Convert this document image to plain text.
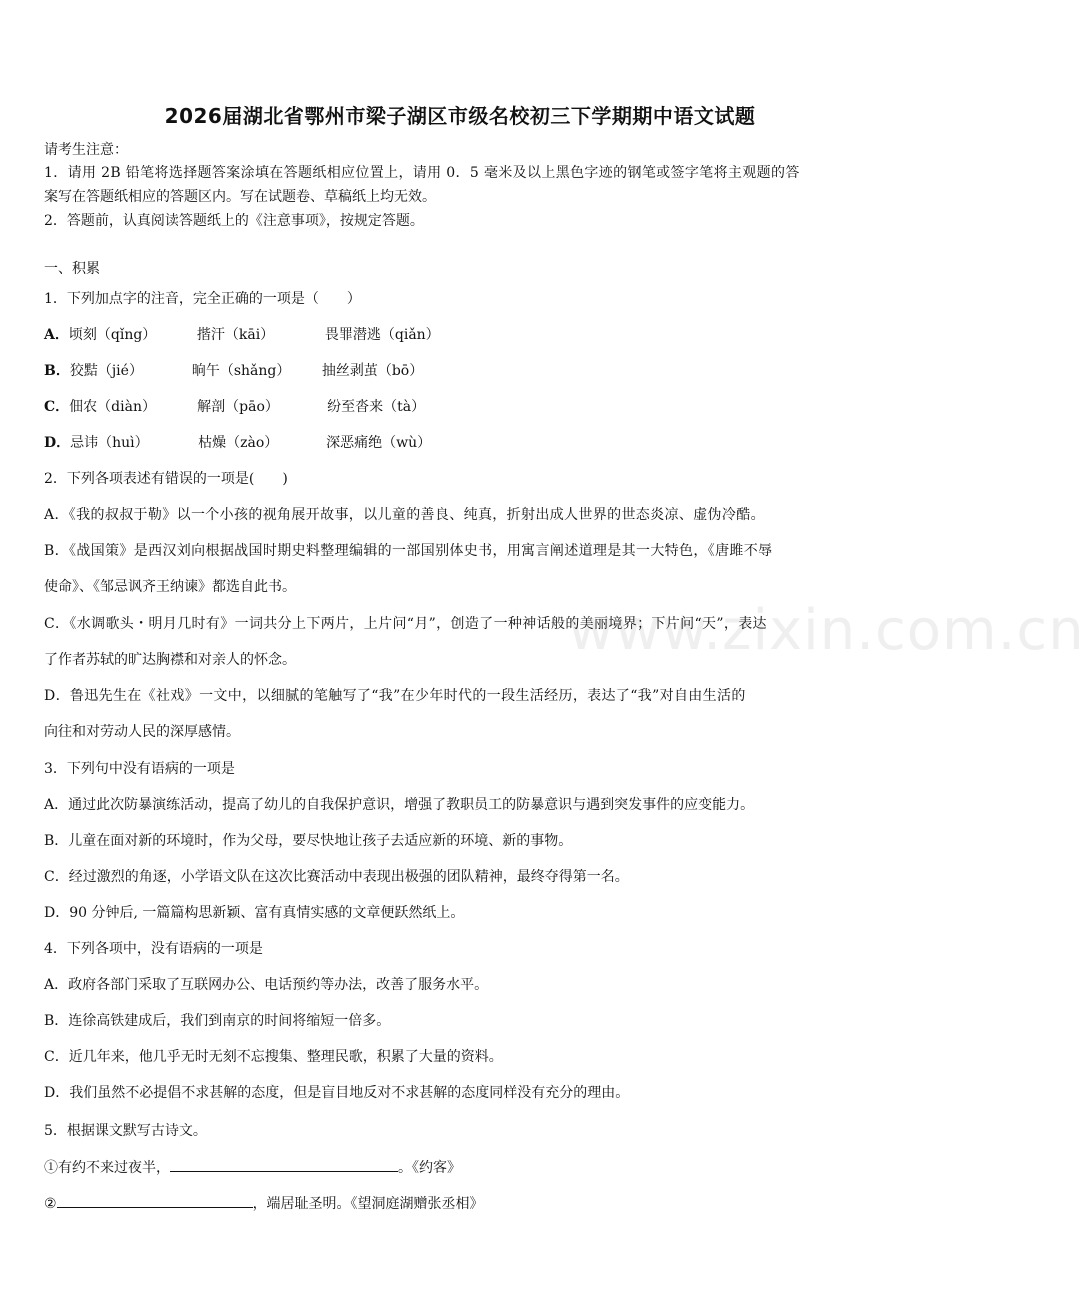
www.zixin.com.cn
2026届湖北省鄂州市梁子湖区市级名校初三下学期期中语文试题
请考生注意：
1．请用 2B 铅笔将选择题答案涂填在答题纸相应位置上，请用 0．5 毫米及以上黑色字迹的钢笔或签字笔将主观题的答
案写在答题纸相应的答题区内。写在试题卷、草稿纸上均无效。
2．答题前，认真阅读答题纸上的《注意事项》，按规定答题。
一、积累
1．下列加点字的注音，完全正确的一项是（　　）
A．顷刻（qǐng）	揩汗（kāi）	畏罪潜逃（qiǎn）
B．狡黠（jié）	晌午（shǎng） 抽丝剥茧（bō）
C．佃农（diàn）	解剖（pāo）	纷至沓来（tà）
D．忌讳（huì）	枯燥（zào）	深恶痛绝（wù）
2．下列各项表述有错误的一项是(　　)
A．《我的叔叔于勒》以一个小孩的视角展开故事，以儿童的善良、纯真，折射出成人世界的世态炎凉、虚伪冷酷。
B．《战国策》是西汉刘向根据战国时期史料整理编辑的一部国别体史书，用寓言阐述道理是其一大特色，《唐雎不辱
使命》、《邹忌讽齐王纳谏》都选自此书。
C．《水调歌头・明月几时有》一词共分上下两片，上片问“月”，创造了一种神话般的美丽境界；下片问“天”，表达
了作者苏轼的旷达胸襟和对亲人的怀念。
D．鲁迅先生在《社戏》一文中，以细腻的笔触写了“我”在少年时代的一段生活经历，表达了“我”对自由生活的
向往和对劳动人民的深厚感情。
3．下列句中没有语病的一项是
A．通过此次防暴演练活动，提高了幼儿的自我保护意识，增强了教职员工的防暴意识与遇到突发事件的应变能力。
B．儿童在面对新的环境时，作为父母，要尽快地让孩子去适应新的环境、新的事物。
C．经过激烈的角逐，小学语文队在这次比赛活动中表现出极强的团队精神，最终夺得第一名。
D．90 分钟后, 一篇篇构思新颖、富有真情实感的文章便跃然纸上。
4．下列各项中，没有语病的一项是
A．政府各部门采取了互联网办公、电话预约等办法，改善了服务水平。
B．连徐高铁建成后，我们到南京的时间将缩短一倍多。
C．近几年来，他几乎无时无刻不忘搜集、整理民歌，积累了大量的资料。
D．我们虽然不必提倡不求甚解的态度，但是盲目地反对不求甚解的态度同样没有充分的理由。
5．根据课文默写古诗文。
①有约不来过夜半，	。《约客》
②	，端居耻圣明。《望洞庭湖赠张丞相》
